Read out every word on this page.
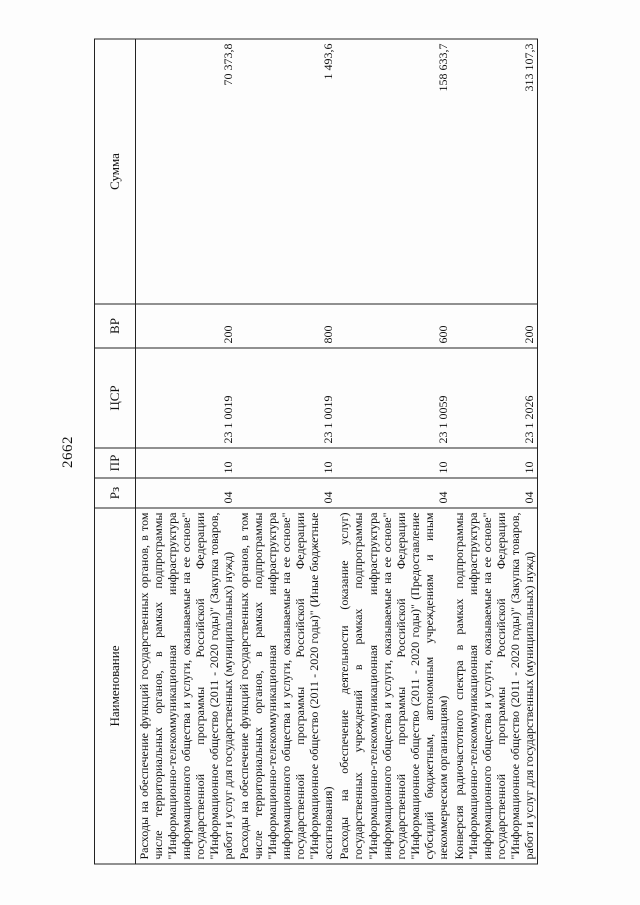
2662
Наименование	Рз	ПР	ЦСР	ВР	Сумма
Расходы на обеспечение функций государственных органов, в том числе территориальных органов, в рамках подпрограммы "Информационно-телекоммуникационная инфраструктура информационного общества и услуги, оказываемые на ее основе" государственной программы Российской Федерации "Информационное общество (2011 - 2020 годы)" (Закупка товаров, работ и услуг для государственных (муниципальных) нужд)	04	10	23 1 0019	200	70 373,8
Расходы на обеспечение функций государственных органов, в том числе территориальных органов, в рамках подпрограммы "Информационно-телекоммуникационная инфраструктура информационного общества и услуги, оказываемые на ее основе" государственной программы Российской Федерации "Информационное общество (2011 - 2020 годы)" (Иные бюджетные ассигнования)	04	10	23 1 0019	800	1 493,6
Расходы на обеспечение деятельности (оказание услуг) государственных учреждений в рамках подпрограммы "Информационно-телекоммуникационная инфраструктура информационного общества и услуги, оказываемые на ее основе" государственной программы Российской Федерации "Информационное общество (2011 - 2020 годы)" (Предоставление субсидий бюджетным, автономным учреждениям и иным некоммерческим организациям)	04	10	23 1 0059	600	158 633,7
Конверсия радиочастотного спектра в рамках подпрограммы "Информационно-телекоммуникационная инфраструктура информационного общества и услуги, оказываемые на ее основе" государственной программы Российской Федерации "Информационное общество (2011 - 2020 годы)" (Закупка товаров, работ и услуг для государственных (муниципальных) нужд)	04	10	23 1 2026	200	313 107,3
